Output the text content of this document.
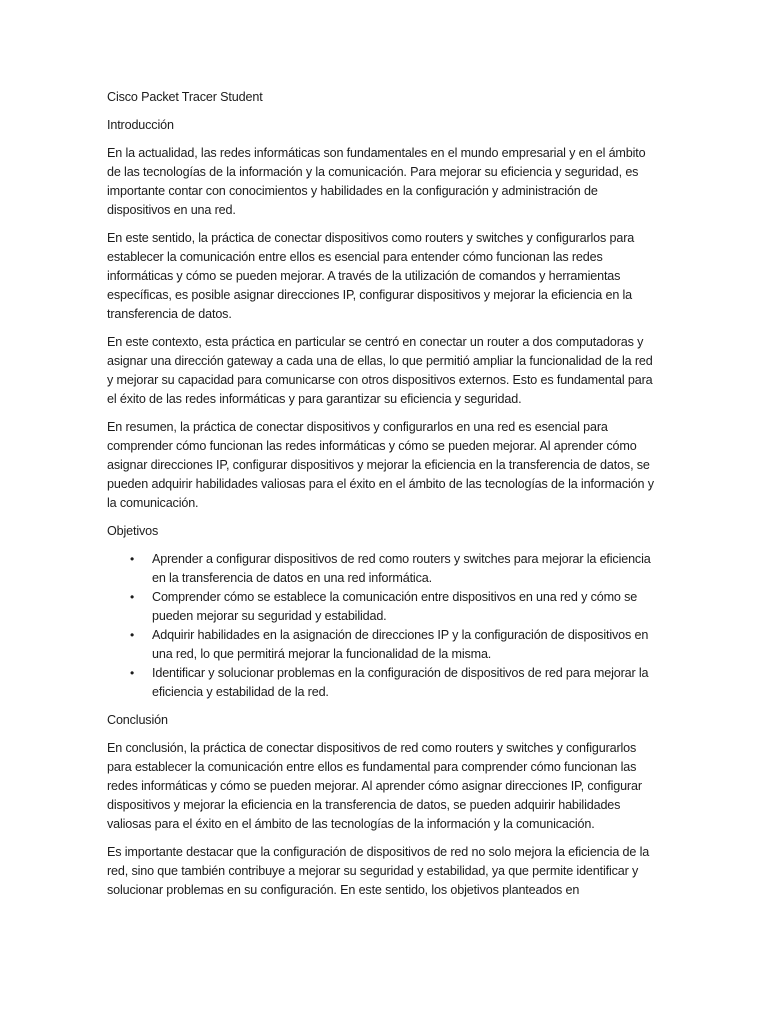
Cisco Packet Tracer Student

Introducción

En la actualidad, las redes informáticas son fundamentales en el mundo empresarial y en el ámbito de las tecnologías de la información y la comunicación. Para mejorar su eficiencia y seguridad, es importante contar con conocimientos y habilidades en la configuración y administración de dispositivos en una red.

En este sentido, la práctica de conectar dispositivos como routers y switches y configurarlos para establecer la comunicación entre ellos es esencial para entender cómo funcionan las redes informáticas y cómo se pueden mejorar. A través de la utilización de comandos y herramientas específicas, es posible asignar direcciones IP, configurar dispositivos y mejorar la eficiencia en la transferencia de datos.

En este contexto, esta práctica en particular se centró en conectar un router a dos computadoras y asignar una dirección gateway a cada una de ellas, lo que permitió ampliar la funcionalidad de la red y mejorar su capacidad para comunicarse con otros dispositivos externos. Esto es fundamental para el éxito de las redes informáticas y para garantizar su eficiencia y seguridad.

En resumen, la práctica de conectar dispositivos y configurarlos en una red es esencial para comprender cómo funcionan las redes informáticas y cómo se pueden mejorar. Al aprender cómo asignar direcciones IP, configurar dispositivos y mejorar la eficiencia en la transferencia de datos, se pueden adquirir habilidades valiosas para el éxito en el ámbito de las tecnologías de la información y la comunicación.

Objetivos

• Aprender a configurar dispositivos de red como routers y switches para mejorar la eficiencia en la transferencia de datos en una red informática.
• Comprender cómo se establece la comunicación entre dispositivos en una red y cómo se pueden mejorar su seguridad y estabilidad.
• Adquirir habilidades en la asignación de direcciones IP y la configuración de dispositivos en una red, lo que permitirá mejorar la funcionalidad de la misma.
• Identificar y solucionar problemas en la configuración de dispositivos de red para mejorar la eficiencia y estabilidad de la red.

Conclusión

En conclusión, la práctica de conectar dispositivos de red como routers y switches y configurarlos para establecer la comunicación entre ellos es fundamental para comprender cómo funcionan las redes informáticas y cómo se pueden mejorar. Al aprender cómo asignar direcciones IP, configurar dispositivos y mejorar la eficiencia en la transferencia de datos, se pueden adquirir habilidades valiosas para el éxito en el ámbito de las tecnologías de la información y la comunicación.

Es importante destacar que la configuración de dispositivos de red no solo mejora la eficiencia de la red, sino que también contribuye a mejorar su seguridad y estabilidad, ya que permite identificar y solucionar problemas en su configuración. En este sentido, los objetivos planteados en
